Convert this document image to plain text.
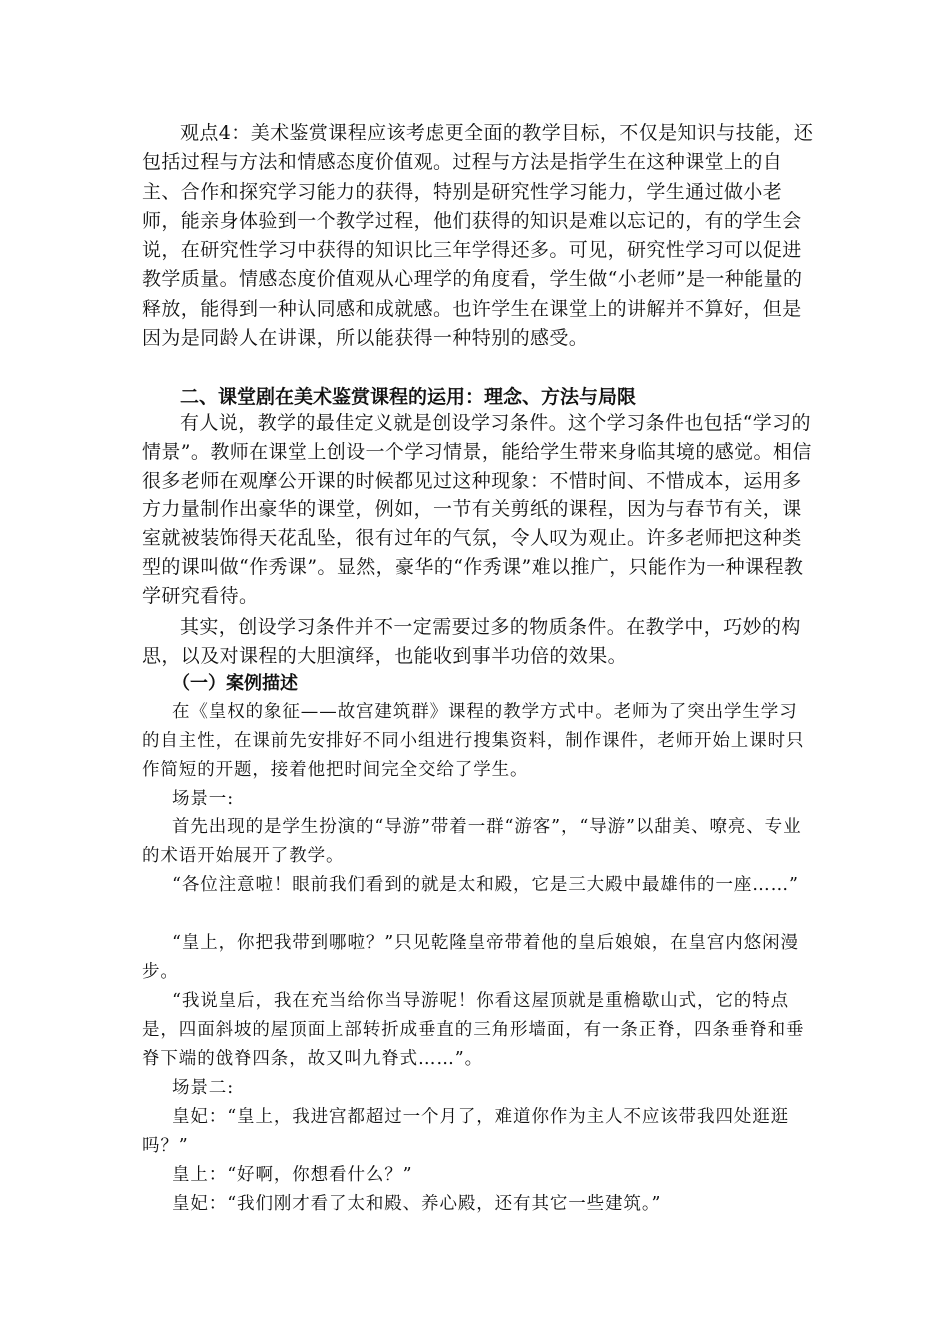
观点4：美术鉴赏课程应该考虑更全面的教学目标，不仅是知识与技能，还包括过程与方法和情感态度价值观。过程与方法是指学生在这种课堂上的自主、合作和探究学习能力的获得，特别是研究性学习能力，学生通过做小老师，能亲身体验到一个教学过程，他们获得的知识是难以忘记的，有的学生会说，在研究性学习中获得的知识比三年学得还多。可见，研究性学习可以促进教学质量。情感态度价值观从心理学的角度看，学生做“小老师”是一种能量的释放，能得到一种认同感和成就感。也许学生在课堂上的讲解并不算好，但是因为是同龄人在讲课，所以能获得一种特别的感受。

二、课堂剧在美术鉴赏课程的运用：理念、方法与局限

有人说，教学的最佳定义就是创设学习条件。这个学习条件也包括“学习的情景”。教师在课堂上创设一个学习情景，能给学生带来身临其境的感觉。相信很多老师在观摩公开课的时候都见过这种现象：不惜时间、不惜成本，运用多方力量制作出豪华的课堂，例如，一节有关剪纸的课程，因为与春节有关，课室就被装饰得天花乱坠，很有过年的气氛，令人叹为观止。许多老师把这种类型的课叫做“作秀课”。显然，豪华的“作秀课”难以推广，只能作为一种课程教学研究看待。

其实，创设学习条件并不一定需要过多的物质条件。在教学中，巧妙的构思，以及对课程的大胆演绎，也能收到事半功倍的效果。

（一）案例描述

在《皇权的象征——故宫建筑群》课程的教学方式中。老师为了突出学生学习的自主性，在课前先安排好不同小组进行搜集资料，制作课件，老师开始上课时只作简短的开题，接着他把时间完全交给了学生。

场景一:

首先出现的是学生扮演的“导游”带着一群“游客”，“导游”以甜美、嘹亮、专业的术语开始展开了教学。

“各位注意啦！眼前我们看到的就是太和殿，它是三大殿中最雄伟的一座……”

“皇上，你把我带到哪啦？”只见乾隆皇帝带着他的皇后娘娘，在皇宫内悠闲漫步。

“我说皇后，我在充当给你当导游呢！你看这屋顶就是重檐歇山式，它的特点是，四面斜坡的屋顶面上部转折成垂直的三角形墙面，有一条正脊，四条垂脊和垂脊下端的戗脊四条，故又叫九脊式……”。

场景二:

皇妃：“皇上，我进宫都超过一个月了，难道你作为主人不应该带我四处逛逛吗？”

皇上：“好啊，你想看什么？”

皇妃：“我们刚才看了太和殿、养心殿，还有其它一些建筑。”
